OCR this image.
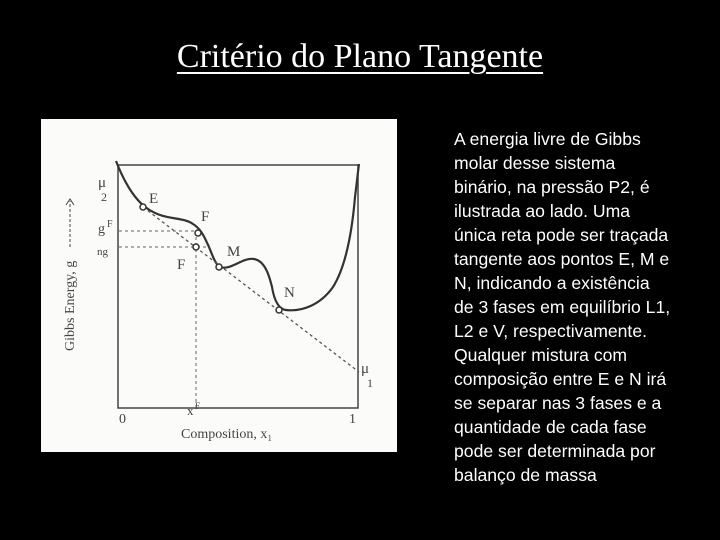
Critério do Plano Tangente
E
F
F
M
N
μ
2
g F
ng
μ
1
0	1
x F
Composition, x₁
Gibbs Energy, g
A energia livre de Gibbs
molar desse sistema
binário, na pressão P2, é
ilustrada ao lado. Uma
única reta pode ser traçada
tangente aos pontos E, M e
N, indicando a existência
de 3 fases em equilíbrio L1,
L2 e V, respectivamente.
Qualquer mistura com
composição entre E e N irá
se separar nas 3 fases e a
quantidade de cada fase
pode ser determinada por
balanço de massa
